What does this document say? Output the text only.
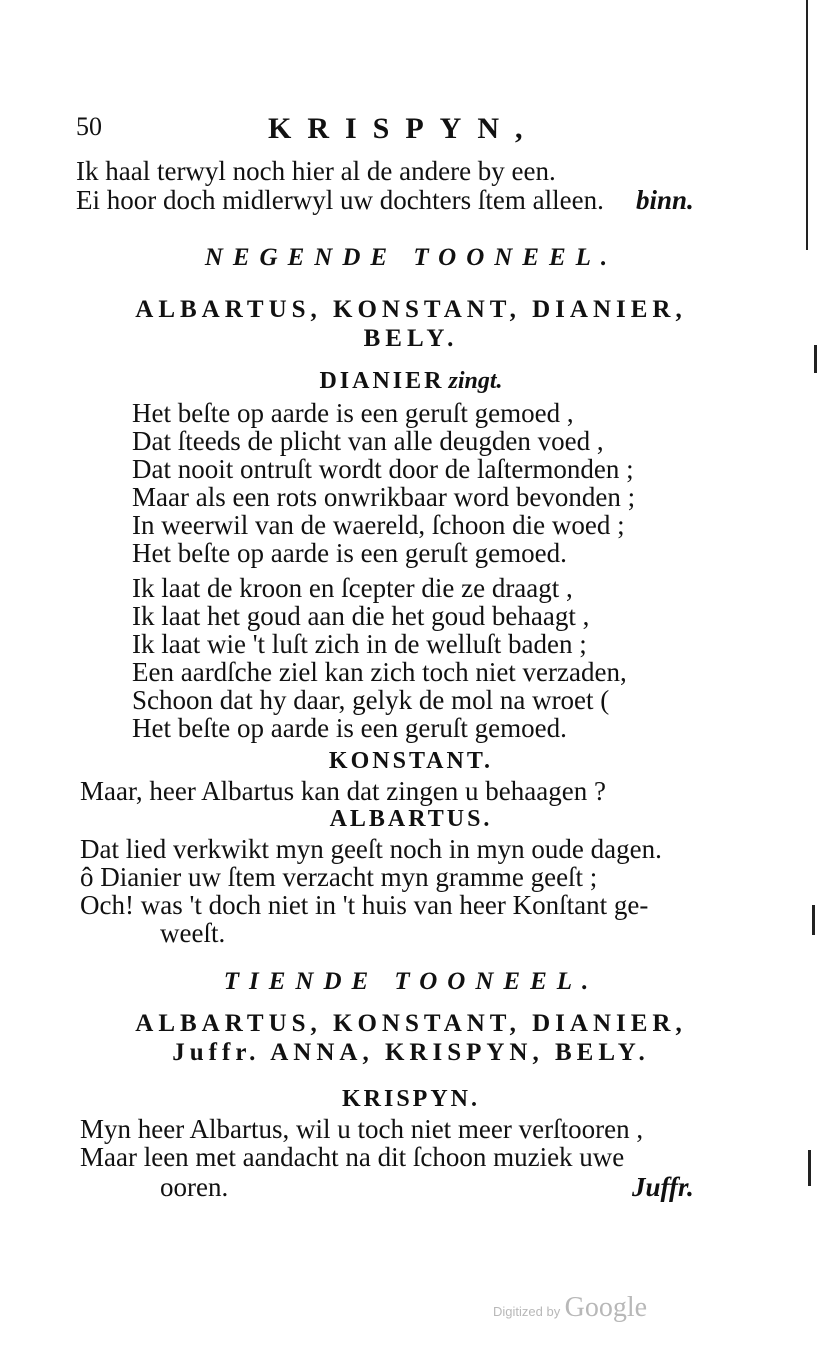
50	KRISPYN,
Ik haal terwyl noch hier al de andere by een.
Ei hoor doch midlerwyl uw dochters ſtem alleen. binn.
NEGENDE TOONEEL.
ALBARTUS, KONSTANT, DIANIER,
BELY.
DIANIER zingt.
Het beſte op aarde is een geruſt gemoed ,
Dat ſteeds de plicht van alle deugden voed ,
Dat nooit ontruſt wordt door de laſtermonden ;
Maar als een rots onwrikbaar word bevonden ;
In weerwil van de waereld, ſchoon die woed ;
Het beſte op aarde is een geruſt gemoed.
Ik laat de kroon en ſcepter die ze draagt ,
Ik laat het goud aan die het goud behaagt ,
Ik laat wie 't luſt zich in de welluſt baden ;
Een aardſche ziel kan zich toch niet verzaden,
Schoon dat hy daar, gelyk de mol na wroet (
Het beſte op aarde is een geruſt gemoed.
KONSTANT.
Maar, heer Albartus kan dat zingen u behaagen ?
ALBARTUS.
Dat lied verkwikt myn geeſt noch in myn oude dagen.
ô Dianier uw ſtem verzacht myn gramme geeſt ;
Och! was 't doch niet in 't huis van heer Konſtant ge-
weeſt.
TIENDE TOONEEL.
ALBARTUS, KONSTANT, DIANIER,
Juffr. ANNA, KRISPYN, BELY.
KRISPYN.
Myn heer Albartus, wil u toch niet meer verſtooren ,
Maar leen met aandacht na dit ſchoon muziek uwe
ooren.	Juffr.
Digitized by Google
